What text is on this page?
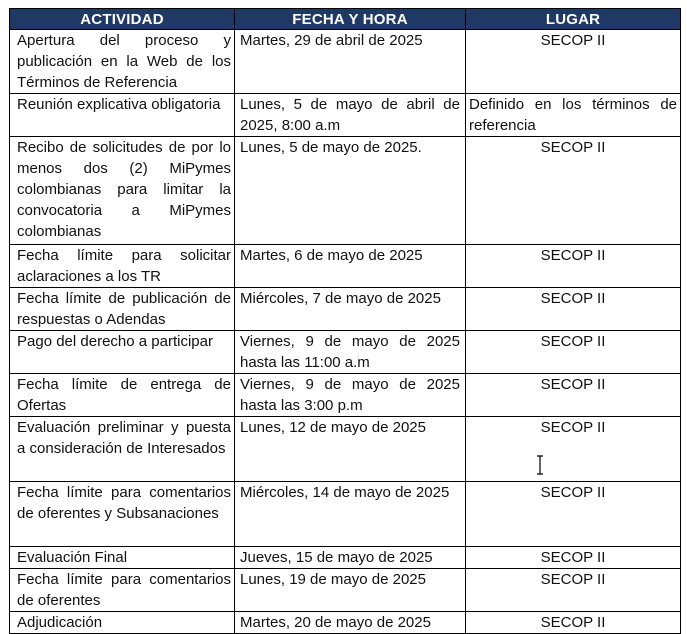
ACTIVIDAD	FECHA Y HORA	LUGAR
Apertura del proceso y publicación en la Web de los Términos de Referencia	Martes, 29 de abril de 2025	SECOP II
Reunión explicativa obligatoria	Lunes, 5 de mayo de abril de 2025, 8:00 a.m	Definido en los términos de referencia
Recibo de solicitudes de por lo menos dos (2) MiPymes colombianas para limitar la convocatoria a MiPymes colombianas	Lunes, 5 de mayo de 2025.	SECOP II
Fecha límite para solicitar aclaraciones a los TR	Martes, 6 de mayo de 2025	SECOP II
Fecha límite de publicación de respuestas o Adendas	Miércoles, 7 de mayo de 2025	SECOP II
Pago del derecho a participar	Viernes, 9 de mayo de 2025 hasta las 11:00 a.m	SECOP II
Fecha límite de entrega de Ofertas	Viernes, 9 de mayo de 2025 hasta las 3:00 p.m	SECOP II
Evaluación preliminar y puesta a consideración de Interesados	Lunes, 12 de mayo de 2025	SECOP II
Fecha límite para comentarios de oferentes y Subsanaciones	Miércoles, 14 de mayo de 2025	SECOP II
Evaluación Final	Jueves, 15 de mayo de 2025	SECOP II
Fecha límite para comentarios de oferentes	Lunes, 19 de mayo de 2025	SECOP II
Adjudicación	Martes, 20 de mayo de 2025	SECOP II
